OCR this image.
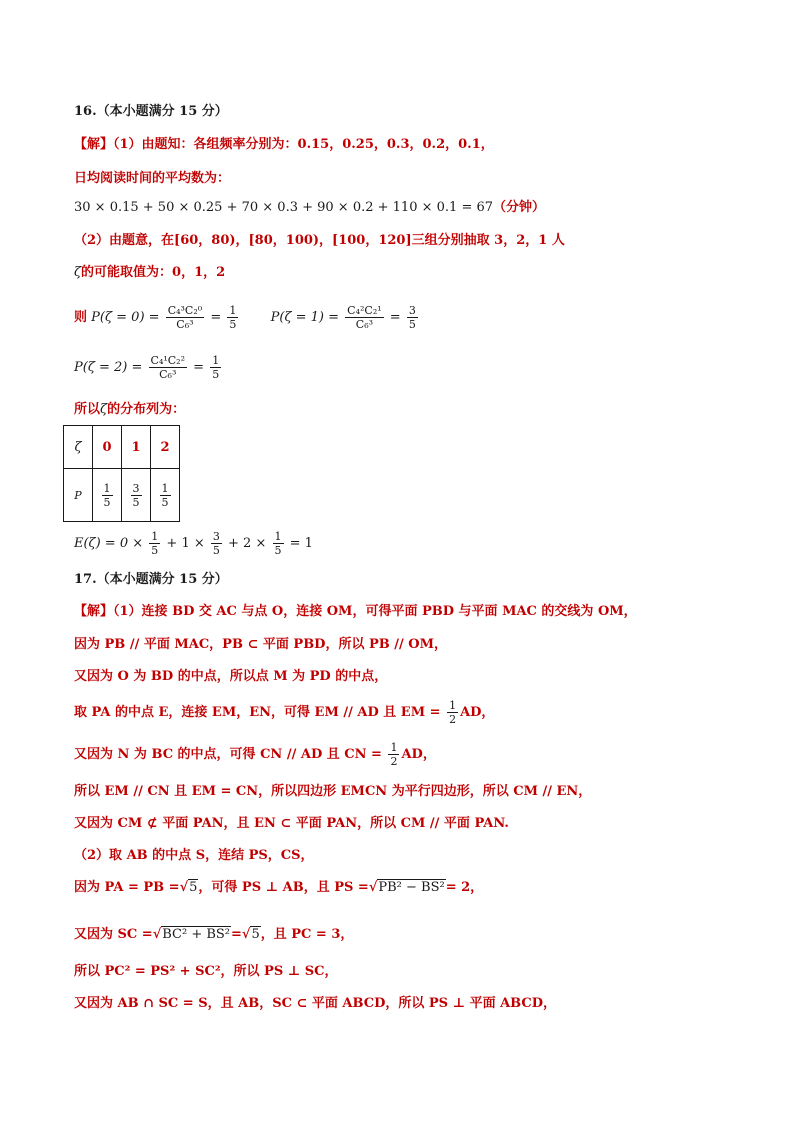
16.（本小题满分 15 分）
【解】（1）由题知：各组频率分别为：0.15，0.25，0.3，0.2，0.1，
日均阅读时间的平均数为：
30 × 0.15 + 50 × 0.25 + 70 × 0.3 + 90 × 0.2 + 110 × 0.1 = 67（分钟）
（2）由题意，在[60，80)，[80，100)，[100，120]三组分别抽取 3，2，1 人
ζ的可能取值为：0，1，2
则 $P(\zeta = 0) = \frac{\text{C₄³C₂⁰}}{\text{C₆³}} = \frac{1}{5} P(\zeta = 1) = \frac{\text{C₄²C₂¹}}{\text{C₆³}} = \frac{3}{5}$
$P(\zeta = 2) = \frac{\text{C₄¹C₂²}}{\text{C₆³}} = \frac{1}{5}$
所以ζ的分布列为：
ζ	0	1	2
P	$\frac{1}{5}$	$\frac{3}{5}$	$\frac{1}{5}$
$E(\zeta) = 0 \times \frac{1}{5} + 1 \times \frac{3}{5} + 2 \times \frac{1}{5} = 1$
17.（本小题满分 15 分）
【解】（1）连接 BD 交 AC 与点 O，连接 OM，可得平面 PBD 与平面 MAC 的交线为 OM，
因为 PB // 平面 MAC，PB ⊂ 平面 PBD，所以 PB // OM，
又因为 O 为 BD 的中点，所以点 M 为 PD 的中点，
取 PA 的中点 E，连接 EM，EN，可得 EM // AD 且 EM = $\frac{1}{2}$ AD，
又因为 N 为 BC 的中点，可得 CN // AD 且 CN = $\frac{1}{2}$ AD，
所以 EM // CN 且 EM = CN，所以四边形 EMCN 为平行四边形，所以 CM // EN，
又因为 CM ⊄ 平面 PAN，且 EN ⊂ 平面 PAN，所以 CM // 平面 PAN.
（2）取 AB 的中点 S，连结 PS，CS，
因为 PA = PB =√5，可得 PS ⊥ AB，且 PS =√PB² − BS²= 2，
又因为 SC =√BC² + BS²=√5，且 PC = 3，
所以 PC² = PS² + SC²，所以 PS ⊥ SC，
又因为 AB ∩ SC = S，且 AB，SC ⊂ 平面 ABCD，所以 PS ⊥ 平面 ABCD，
